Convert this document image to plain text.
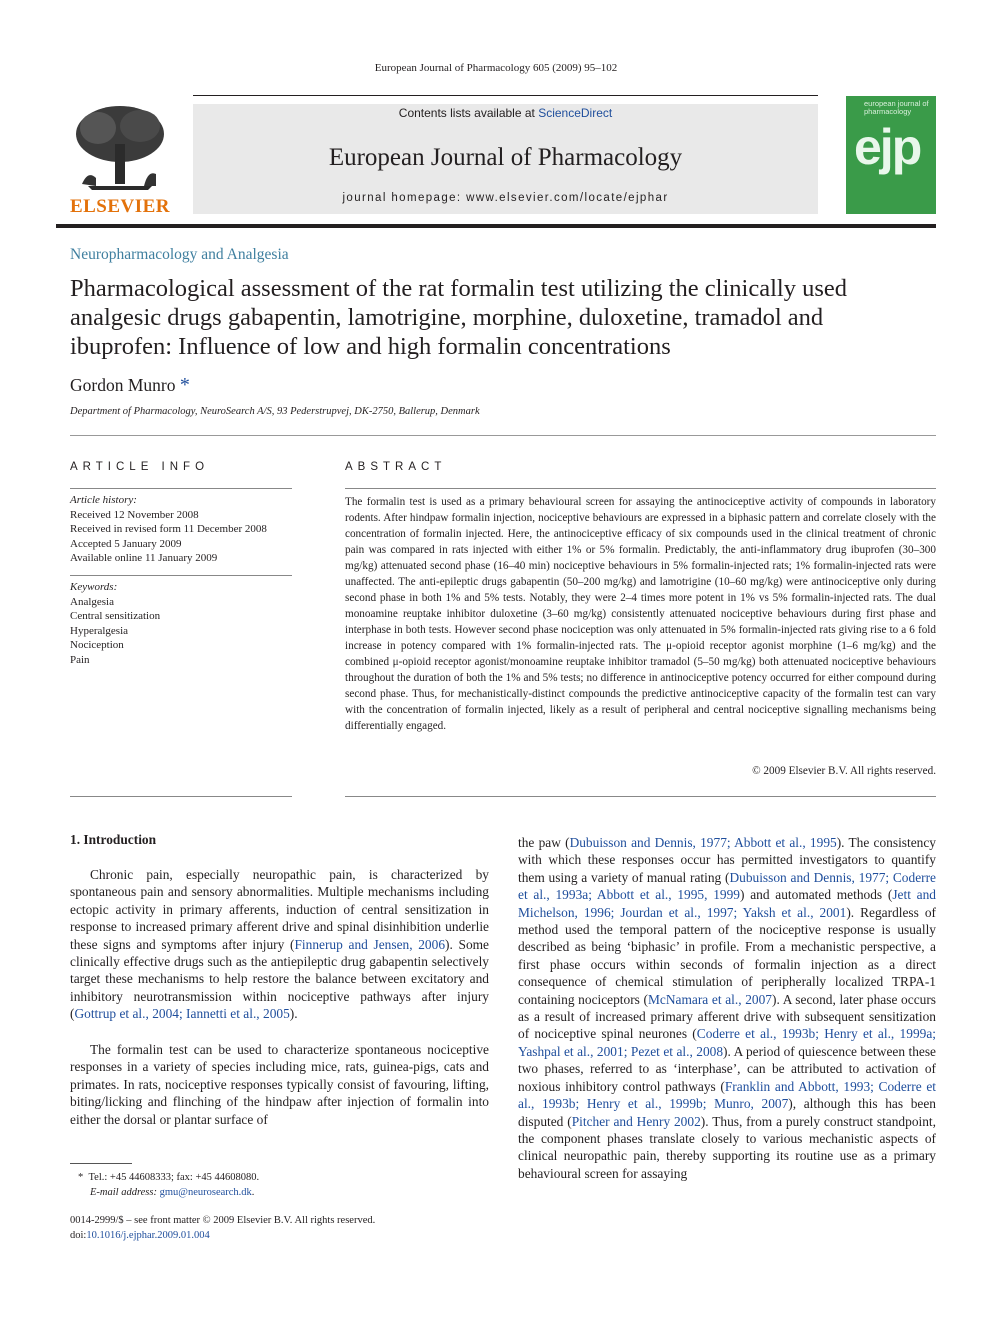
European Journal of Pharmacology 605 (2009) 95–102
ELSEVIER
Contents lists available at ScienceDirect
European Journal of Pharmacology
journal homepage: www.elsevier.com/locate/ejphar
european journal of pharmacology
ejp
Neuropharmacology and Analgesia
Pharmacological assessment of the rat formalin test utilizing the clinically used analgesic drugs gabapentin, lamotrigine, morphine, duloxetine, tramadol and ibuprofen: Influence of low and high formalin concentrations
Gordon Munro *
Department of Pharmacology, NeuroSearch A/S, 93 Pederstrupvej, DK-2750, Ballerup, Denmark
ARTICLE INFO
Article history:
Received 12 November 2008
Received in revised form 11 December 2008
Accepted 5 January 2009
Available online 11 January 2009
Keywords:
Analgesia
Central sensitization
Hyperalgesia
Nociception
Pain
ABSTRACT
The formalin test is used as a primary behavioural screen for assaying the antinociceptive activity of compounds in laboratory rodents. After hindpaw formalin injection, nociceptive behaviours are expressed in a biphasic pattern and correlate closely with the concentration of formalin injected. Here, the antinociceptive efficacy of six compounds used in the clinical treatment of chronic pain was compared in rats injected with either 1% or 5% formalin. Predictably, the anti-inflammatory drug ibuprofen (30–300 mg/kg) attenuated second phase (16–40 min) nociceptive behaviours in 5% formalin-injected rats; 1% formalin-injected rats were unaffected. The anti-epileptic drugs gabapentin (50–200 mg/kg) and lamotrigine (10–60 mg/kg) were antinociceptive only during second phase in both 1% and 5% tests. Notably, they were 2–4 times more potent in 1% vs 5% formalin-injected rats. The dual monoamine reuptake inhibitor duloxetine (3–60 mg/kg) consistently attenuated nociceptive behaviours during first phase and interphase in both tests. However second phase nociception was only attenuated in 5% formalin-injected rats giving rise to a 6 fold increase in potency compared with 1% formalin-injected rats. The μ-opioid receptor agonist morphine (1–6 mg/kg) and the combined μ-opioid receptor agonist/monoamine reuptake inhibitor tramadol (5–50 mg/kg) both attenuated nociceptive behaviours throughout the duration of both the 1% and 5% tests; no difference in antinociceptive potency occurred for either compound during second phase. Thus, for mechanistically-distinct compounds the predictive antinociceptive capacity of the formalin test can vary with the concentration of formalin injected, likely as a result of peripheral and central nociceptive signalling mechanisms being differentially engaged.
© 2009 Elsevier B.V. All rights reserved.
1. Introduction
Chronic pain, especially neuropathic pain, is characterized by spontaneous pain and sensory abnormalities. Multiple mechanisms including ectopic activity in primary afferents, induction of central sensitization in response to increased primary afferent drive and spinal disinhibition underlie these signs and symptoms after injury (Finnerup and Jensen, 2006). Some clinically effective drugs such as the antiepileptic drug gabapentin selectively target these mechanisms to help restore the balance between excitatory and inhibitory neurotransmission within nociceptive pathways after injury (Gottrup et al., 2004; Iannetti et al., 2005).
The formalin test can be used to characterize spontaneous nociceptive responses in a variety of species including mice, rats, guinea-pigs, cats and primates. In rats, nociceptive responses typically consist of favouring, lifting, biting/licking and flinching of the hindpaw after injection of formalin into either the dorsal or plantar surface of
the paw (Dubuisson and Dennis, 1977; Abbott et al., 1995). The consistency with which these responses occur has permitted investigators to quantify them using a variety of manual rating (Dubuisson and Dennis, 1977; Coderre et al., 1993a; Abbott et al., 1995, 1999) and automated methods (Jett and Michelson, 1996; Jourdan et al., 1997; Yaksh et al., 2001). Regardless of method used the temporal pattern of the nociceptive response is usually described as being ‘biphasic’ in profile. From a mechanistic perspective, a first phase occurs within seconds of formalin injection as a direct consequence of chemical stimulation of peripherally localized TRPA-1 containing nociceptors (McNamara et al., 2007). A second, later phase occurs as a result of increased primary afferent drive with subsequent sensitization of nociceptive spinal neurones (Coderre et al., 1993b; Henry et al., 1999a; Yashpal et al., 2001; Pezet et al., 2008). A period of quiescence between these two phases, referred to as ‘interphase’, can be attributed to activation of noxious inhibitory control pathways (Franklin and Abbott, 1993; Coderre et al., 1993b; Henry et al., 1999b; Munro, 2007), although this has been disputed (Pitcher and Henry 2002). Thus, from a purely construct standpoint, the component phases translate closely to various mechanistic aspects of clinical neuropathic pain, thereby supporting its routine use as a primary behavioural screen for assaying
* Tel.: +45 44608333; fax: +45 44608080.
E-mail address: gmu@neurosearch.dk.
0014-2999/$ – see front matter © 2009 Elsevier B.V. All rights reserved.
doi:10.1016/j.ejphar.2009.01.004
